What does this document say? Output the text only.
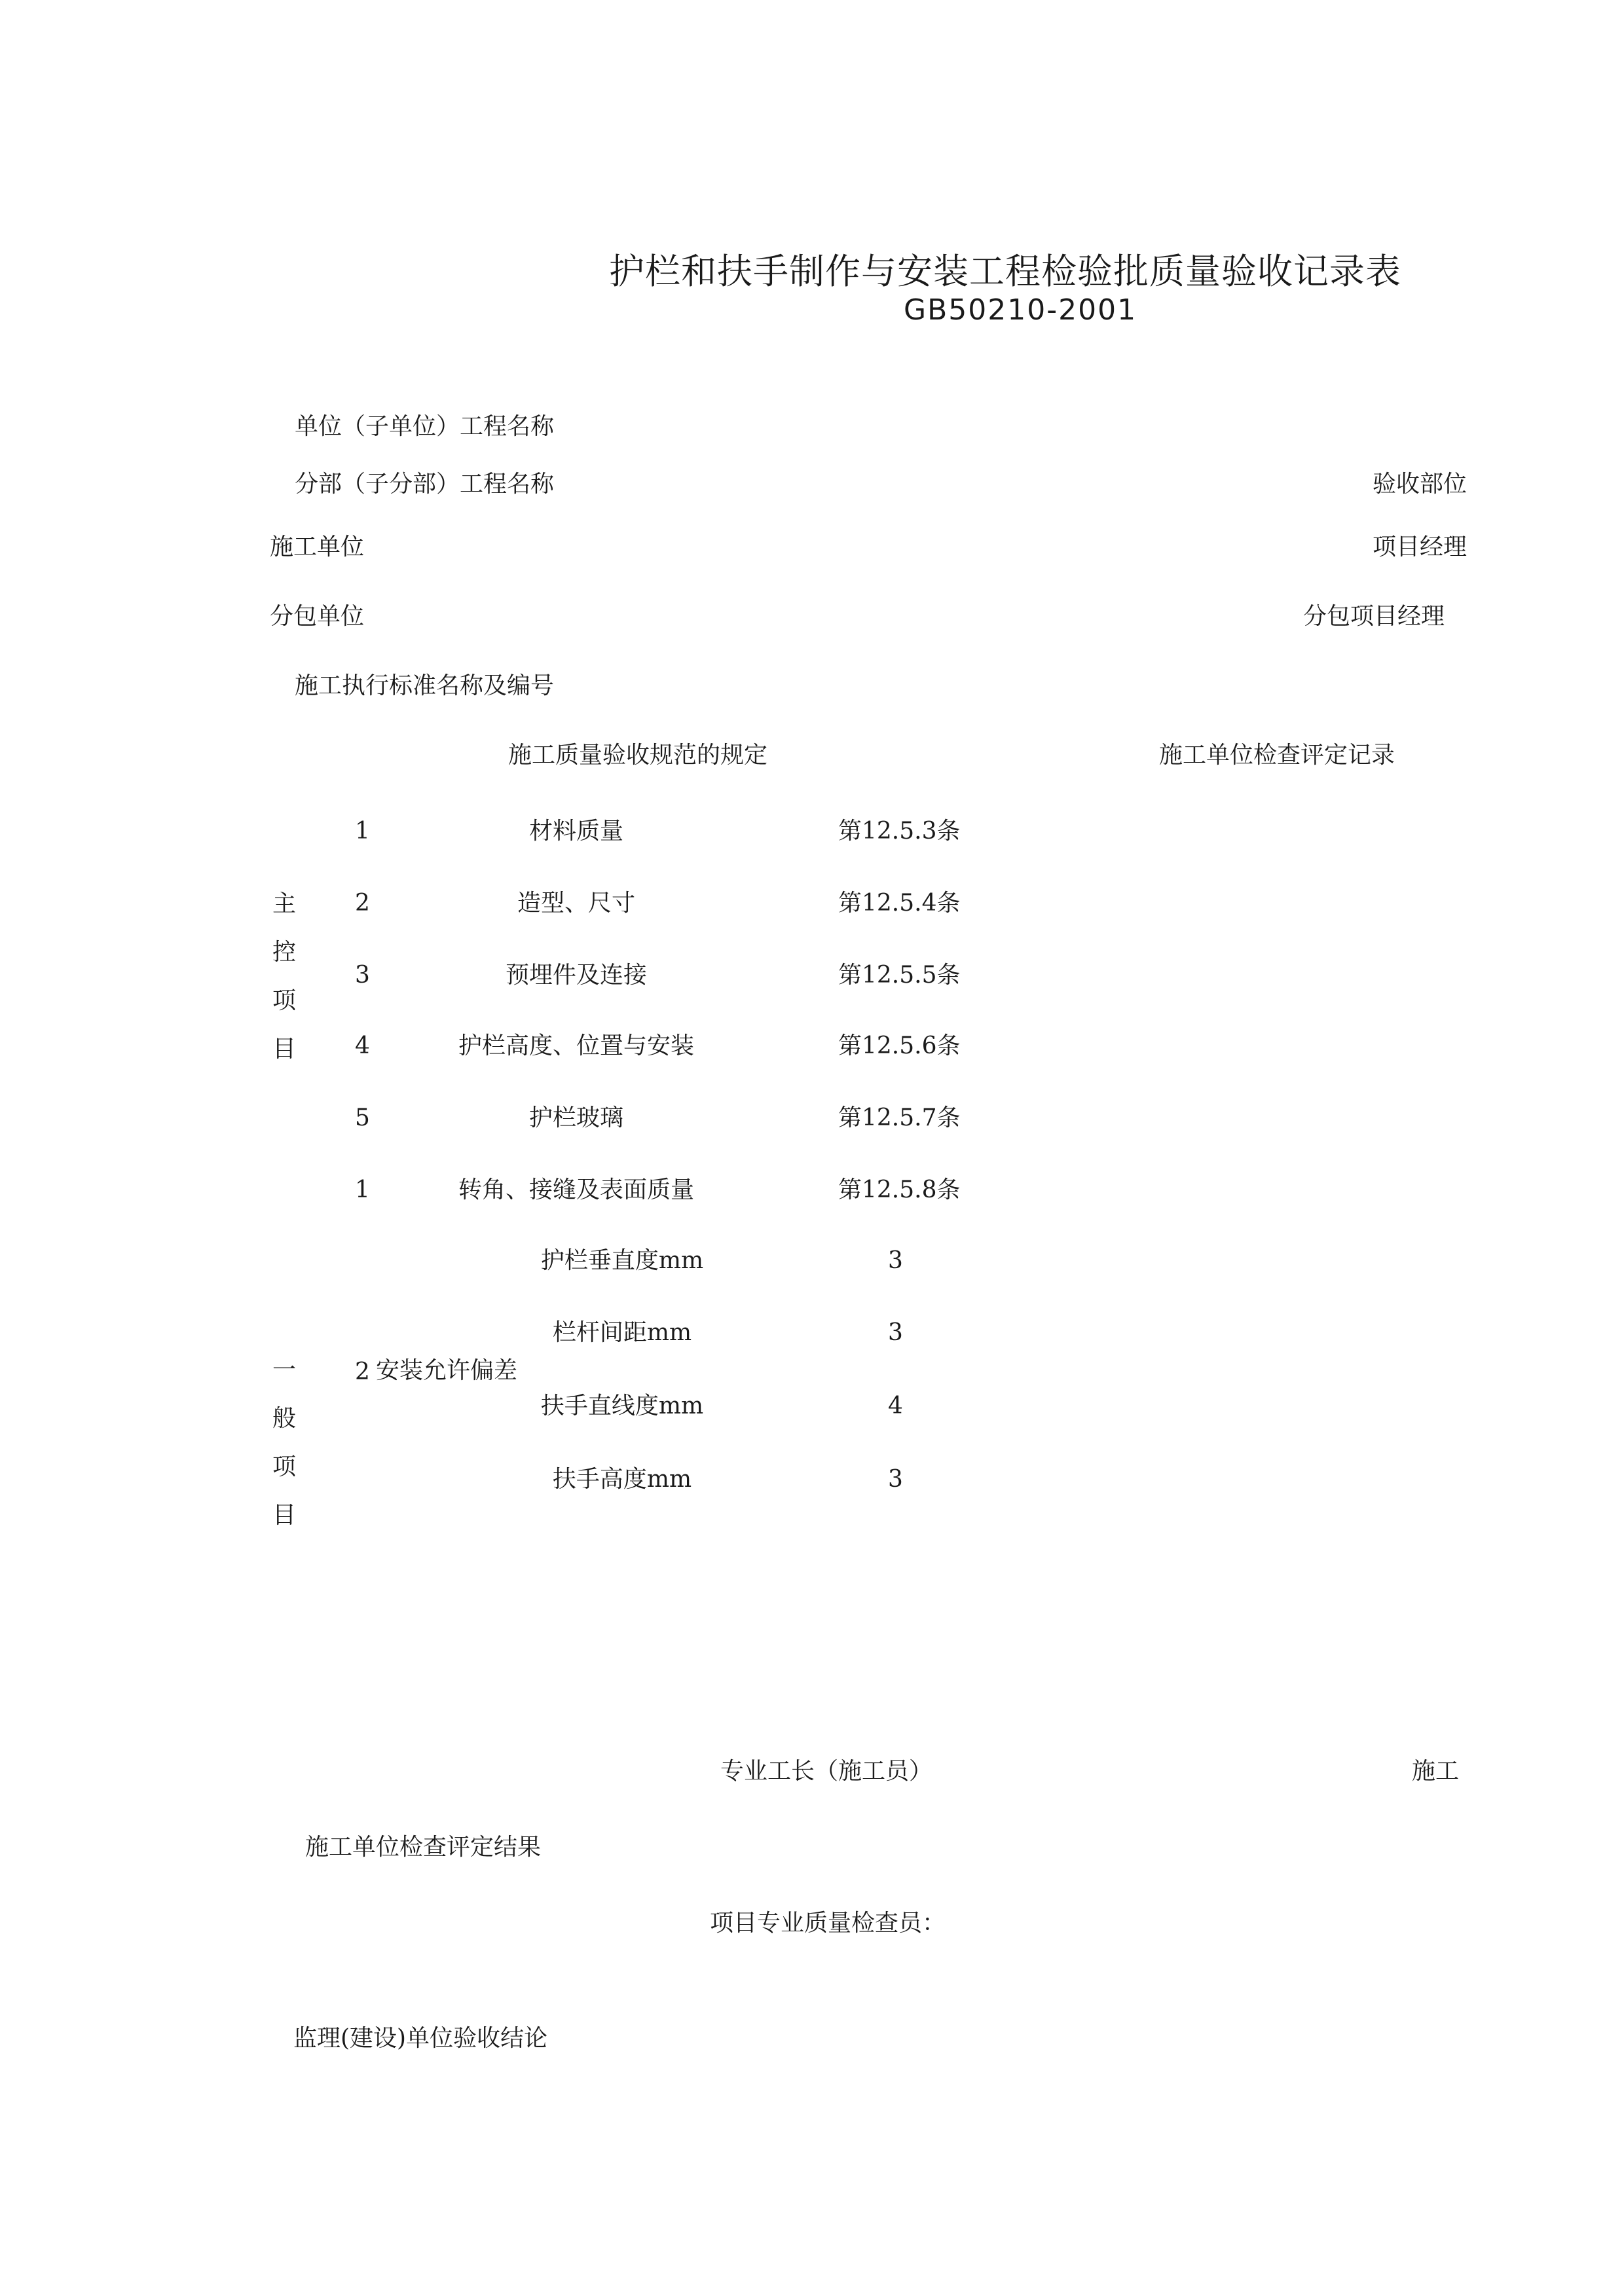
护栏和扶手制作与安装工程检验批质量验收记录表
GB50210-2001
单位（子单位）工程名称
分部（子分部）工程名称	验收部位
施工单位	项目经理
分包单位	分包项目经理
施工执行标准名称及编号
施工质量验收规范的规定	施工单位检查评定记录
主控项目
1	材料质量	第12.5.3条
2	造型、尺寸	第12.5.4条
3	预埋件及连接	第12.5.5条
4	护栏高度、位置与安装	第12.5.6条
5	护栏玻璃	第12.5.7条
1	转角、接缝及表面质量	第12.5.8条
一般项目
2 安装允许偏差
护栏垂直度mm	3
栏杆间距mm	3
扶手直线度mm	4
扶手高度mm	3
专业工长（施工员）	施工
施工单位检查评定结果
项目专业质量检查员：
监理(建设)单位验收结论
